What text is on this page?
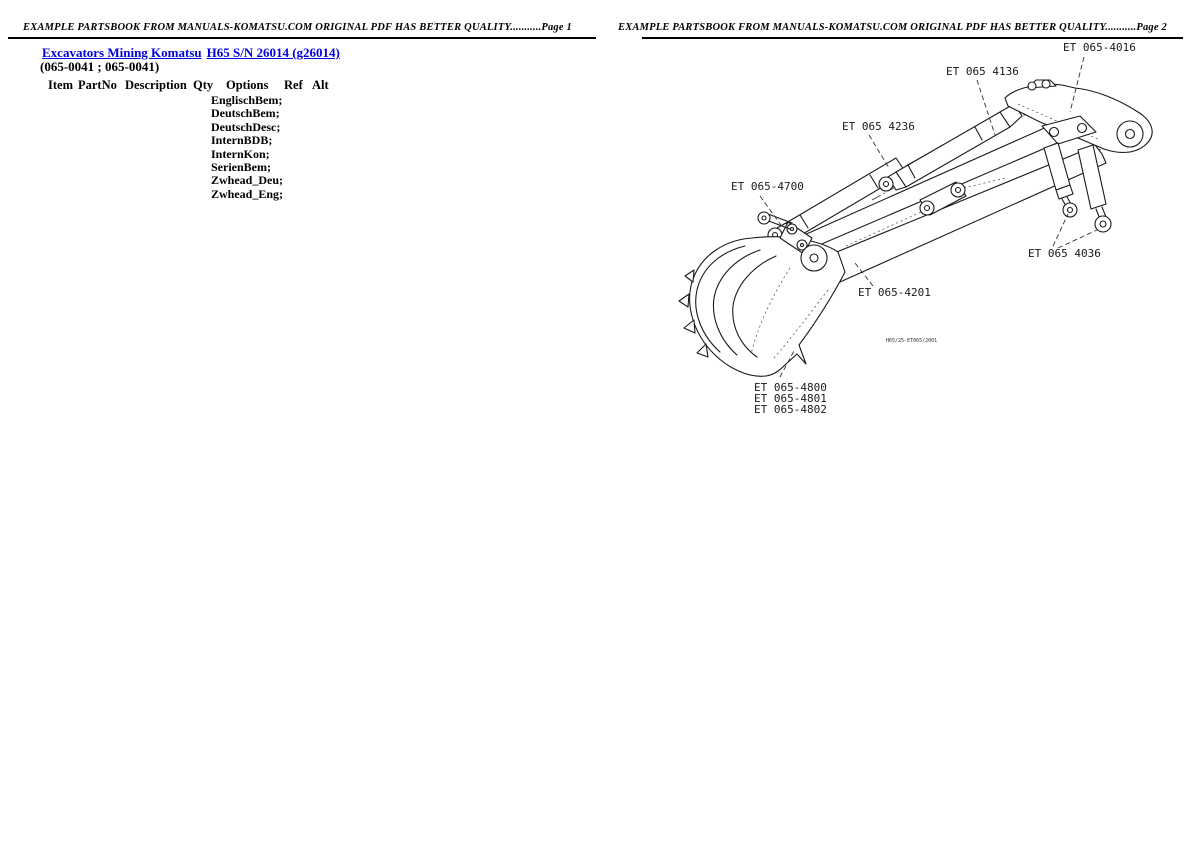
EXAMPLE PARTSBOOK FROM MANUALS-KOMATSU.COM ORIGINAL PDF HAS BETTER QUALITY...........Page 1
Excavators Mining Komatsu H65 S/N 26014 (g26014)
(065-0041 ; 065-0041)
Item PartNo Description Qty Options Ref Alt
EnglischBem;
DeutschBem;
DeutschDesc;
InternBDB;
InternKon;
SerienBem;
Zwhead_Deu;
Zwhead_Eng;
EXAMPLE PARTSBOOK FROM MANUALS-KOMATSU.COM ORIGINAL PDF HAS BETTER QUALITY...........Page 2
ET 065-4016
ET 065 4136
ET 065 4236
ET 065-4700
ET 065 4036
ET 065-4201
ET 065-4800
ET 065-4801
ET 065-4802
H65/25-ET065/2001
